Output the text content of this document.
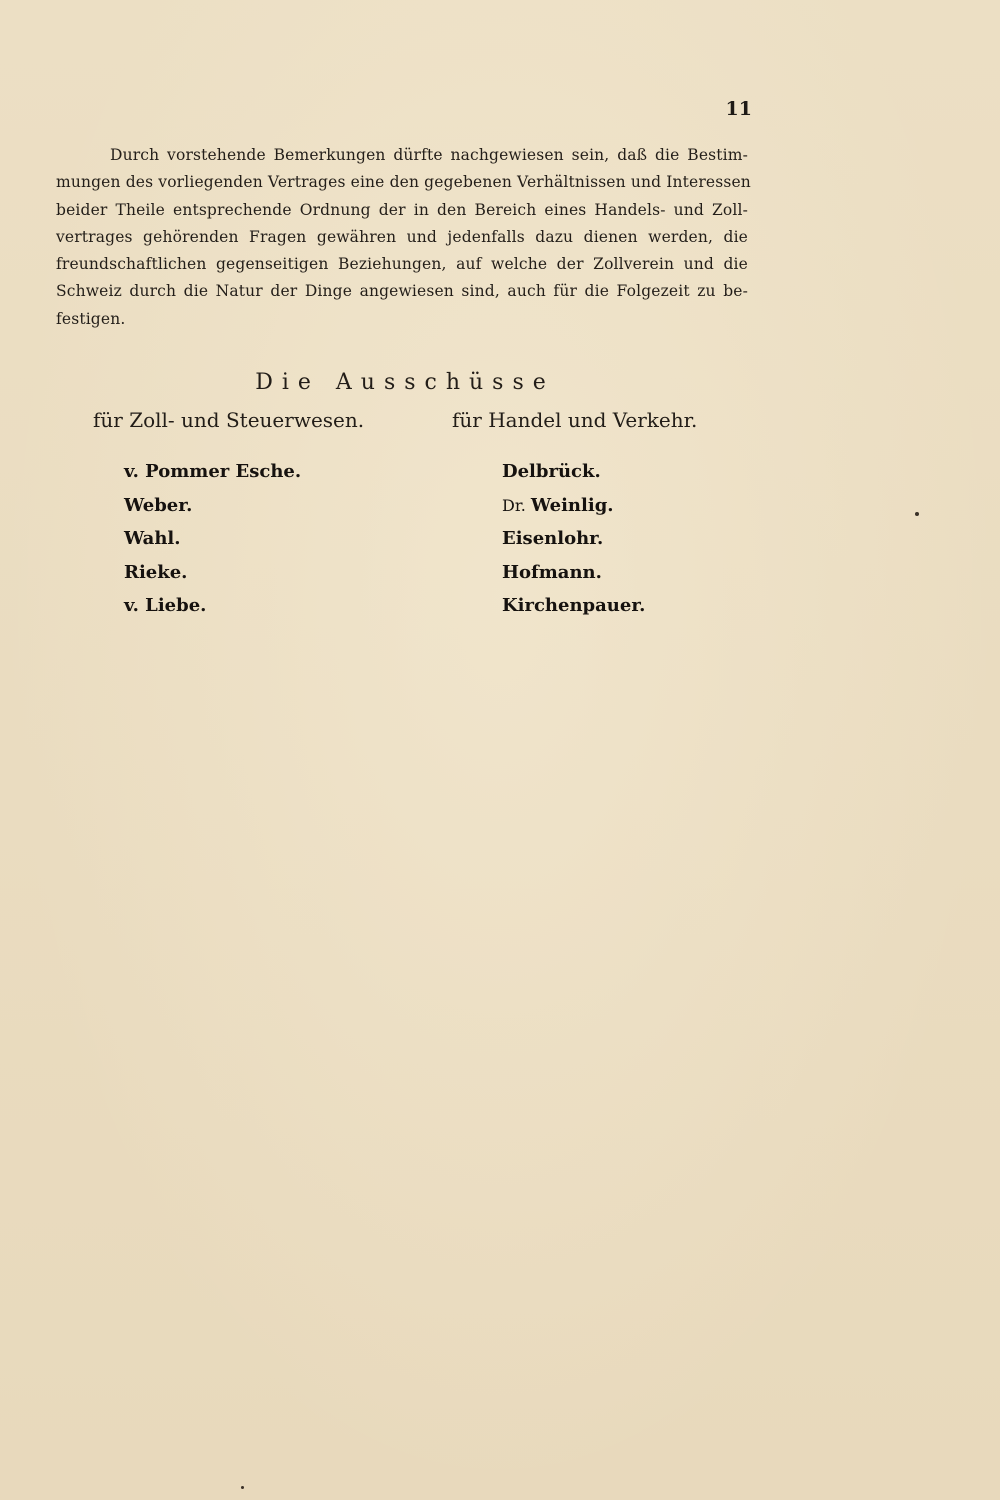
11
Durch vorstehende Bemerkungen dürfte nachgewiesen sein, daß die Bestim-
mungen des vorliegenden Vertrages eine den gegebenen Verhältnissen und Interessen
beider Theile entsprechende Ordnung der in den Bereich eines Handels- und Zoll-
vertrages gehörenden Fragen gewähren und jedenfalls dazu dienen werden, die
freundschaftlichen gegenseitigen Beziehungen, auf welche der Zollverein und die
Schweiz durch die Natur der Dinge angewiesen sind, auch für die Folgezeit zu be-
festigen.
Die Ausschüsse
für Zoll- und Steuerwesen.	für Handel und Verkehr.
v. Pommer Esche.
Weber.
Wahl.
Rieke.
v. Liebe.
Delbrück.
Dr. Weinlig.
Eisenlohr.
Hofmann.
Kirchenpauer.
